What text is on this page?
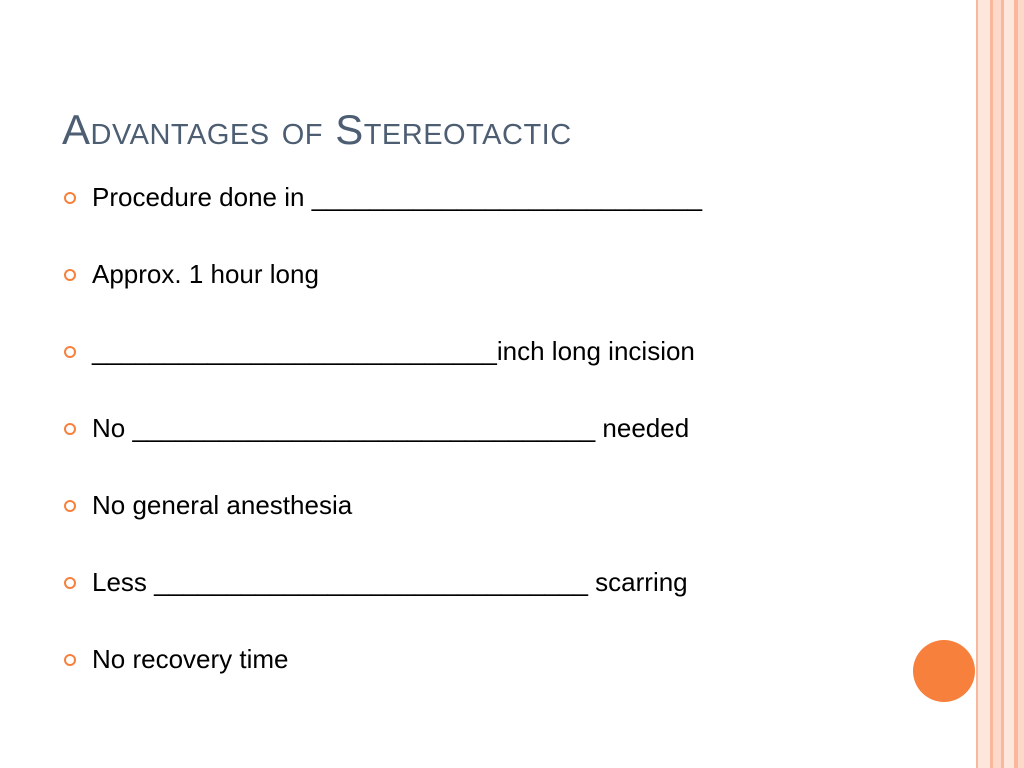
Advantages of Stereotactic
Procedure done in ___________________________
Approx. 1 hour long
____________________________inch long incision
No ________________________________ needed
No general anesthesia
Less ______________________________ scarring
No recovery time
